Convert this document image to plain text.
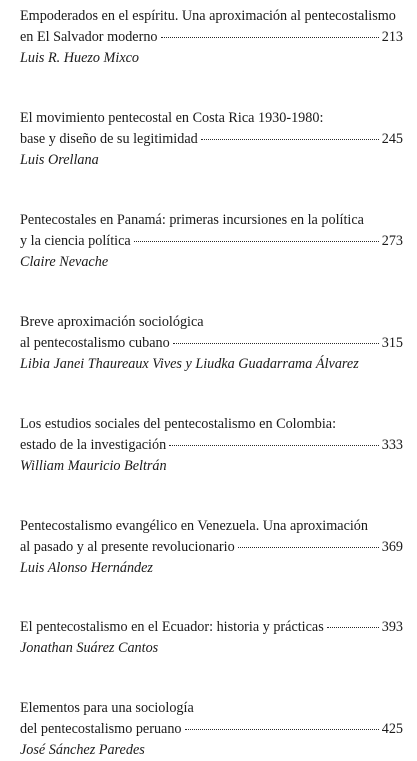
Empoderados en el espíritu. Una aproximación al pentecostalismo
en El Salvador moderno	213
Luis R. Huezo Mixco
El movimiento pentecostal en Costa Rica 1930-1980:
base y diseño de su legitimidad	245
Luis Orellana
Pentecostales en Panamá: primeras incursiones en la política
y la ciencia política	273
Claire Nevache
Breve aproximación sociológica
al pentecostalismo cubano	315
Libia Janei Thaureaux Vives y Liudka Guadarrama Álvarez
Los estudios sociales del pentecostalismo en Colombia:
estado de la investigación	333
William Mauricio Beltrán
Pentecostalismo evangélico en Venezuela. Una aproximación
al pasado y al presente revolucionario	369
Luis Alonso Hernández
El pentecostalismo en el Ecuador: historia y prácticas	393
Jonathan Suárez Cantos
Elementos para una sociología
del pentecostalismo peruano	425
José Sánchez Paredes
